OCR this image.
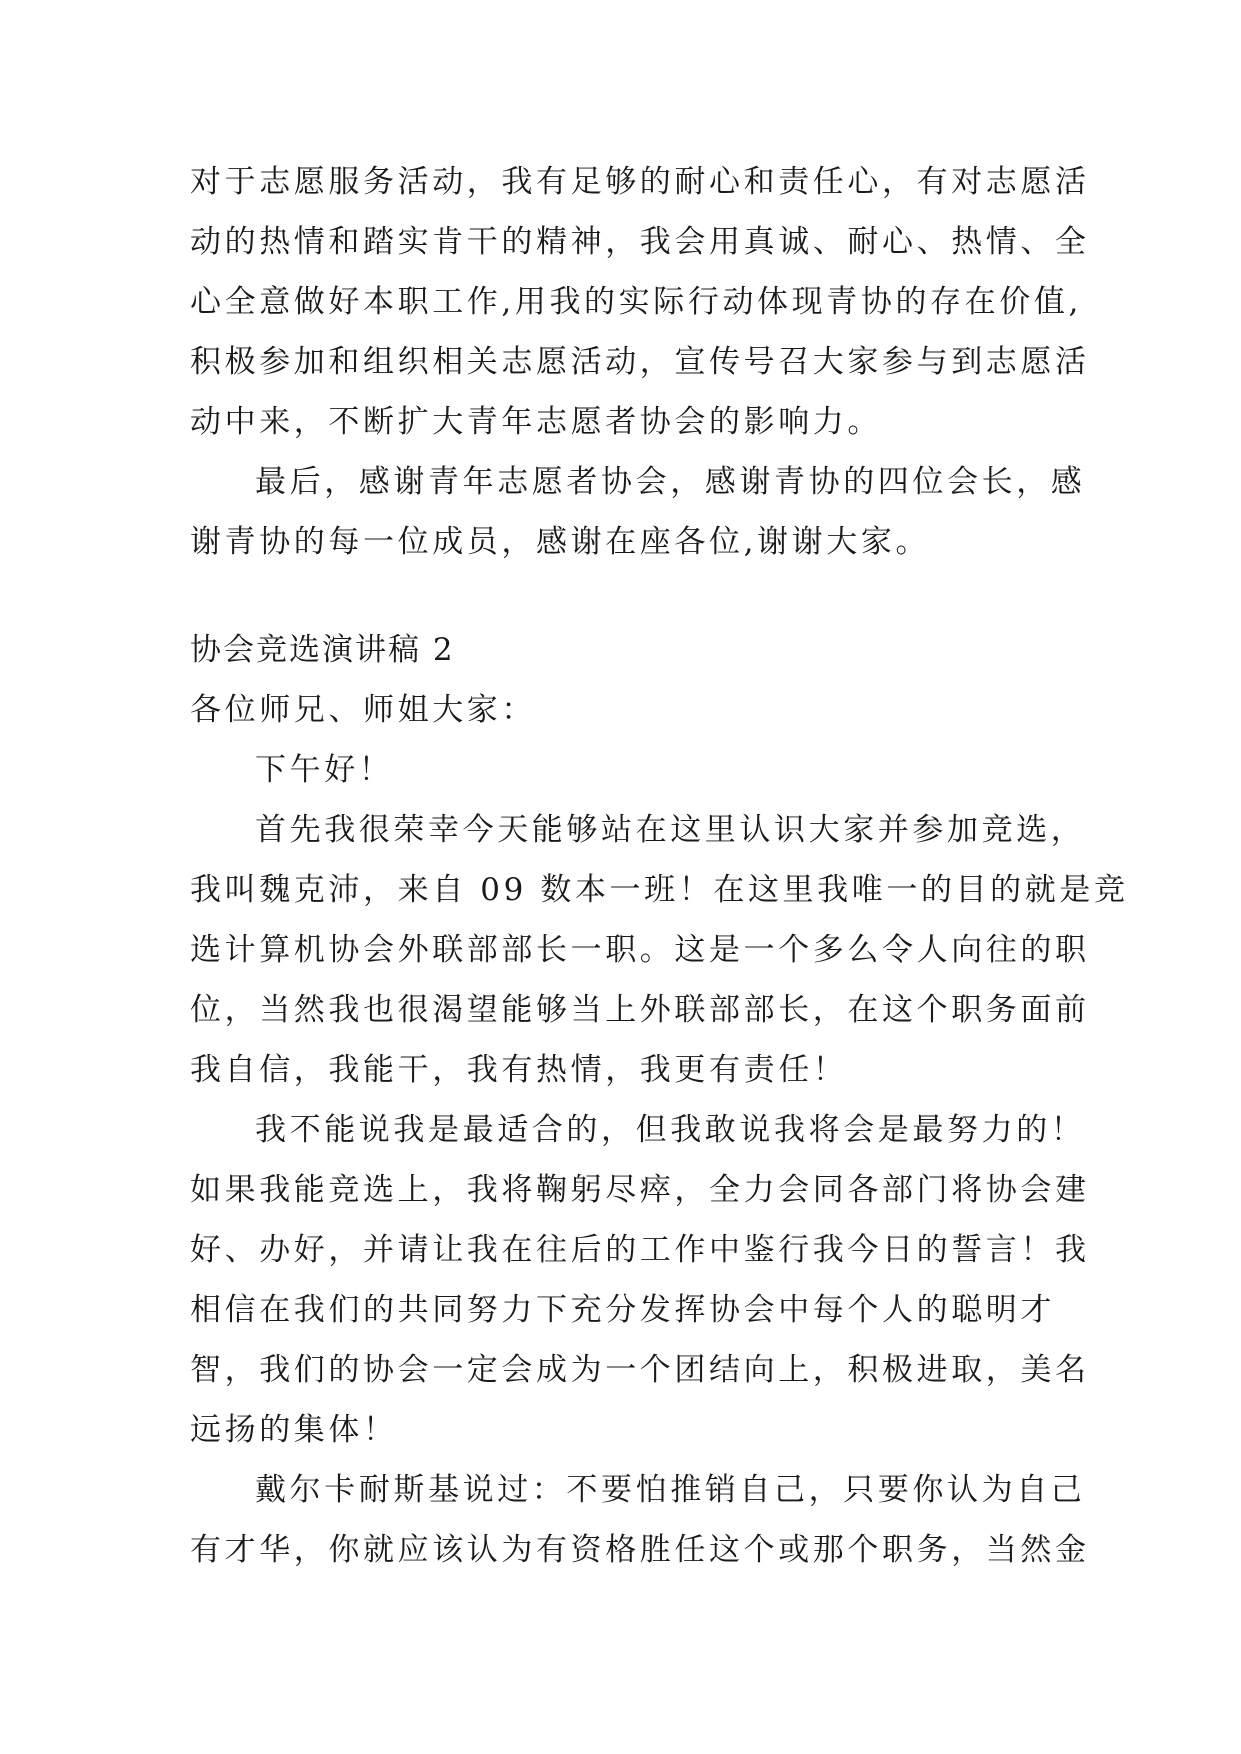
对于志愿服务活动，我有足够的耐心和责任心，有对志愿活
动的热情和踏实肯干的精神，我会用真诚、耐心、热情、全
心全意做好本职工作,用我的实际行动体现青协的存在价值,
积极参加和组织相关志愿活动，宣传号召大家参与到志愿活
动中来，不断扩大青年志愿者协会的影响力。
最后，感谢青年志愿者协会，感谢青协的四位会长，感
谢青协的每一位成员，感谢在座各位,谢谢大家。
协会竞选演讲稿 2
各位师兄、师姐大家：
下午好！
首先我很荣幸今天能够站在这里认识大家并参加竞选，
我叫魏克沛，来自 09 数本一班！在这里我唯一的目的就是竞
选计算机协会外联部部长一职。这是一个多么令人向往的职
位，当然我也很渴望能够当上外联部部长，在这个职务面前
我自信，我能干，我有热情，我更有责任！
我不能说我是最适合的，但我敢说我将会是最努力的！
如果我能竞选上，我将鞠躬尽瘁，全力会同各部门将协会建
好、办好，并请让我在往后的工作中鉴行我今日的誓言！我
相信在我们的共同努力下充分发挥协会中每个人的聪明才
智，我们的协会一定会成为一个团结向上，积极进取，美名
远扬的集体！
戴尔卡耐斯基说过：不要怕推销自己，只要你认为自己
有才华，你就应该认为有资格胜任这个或那个职务，当然金
